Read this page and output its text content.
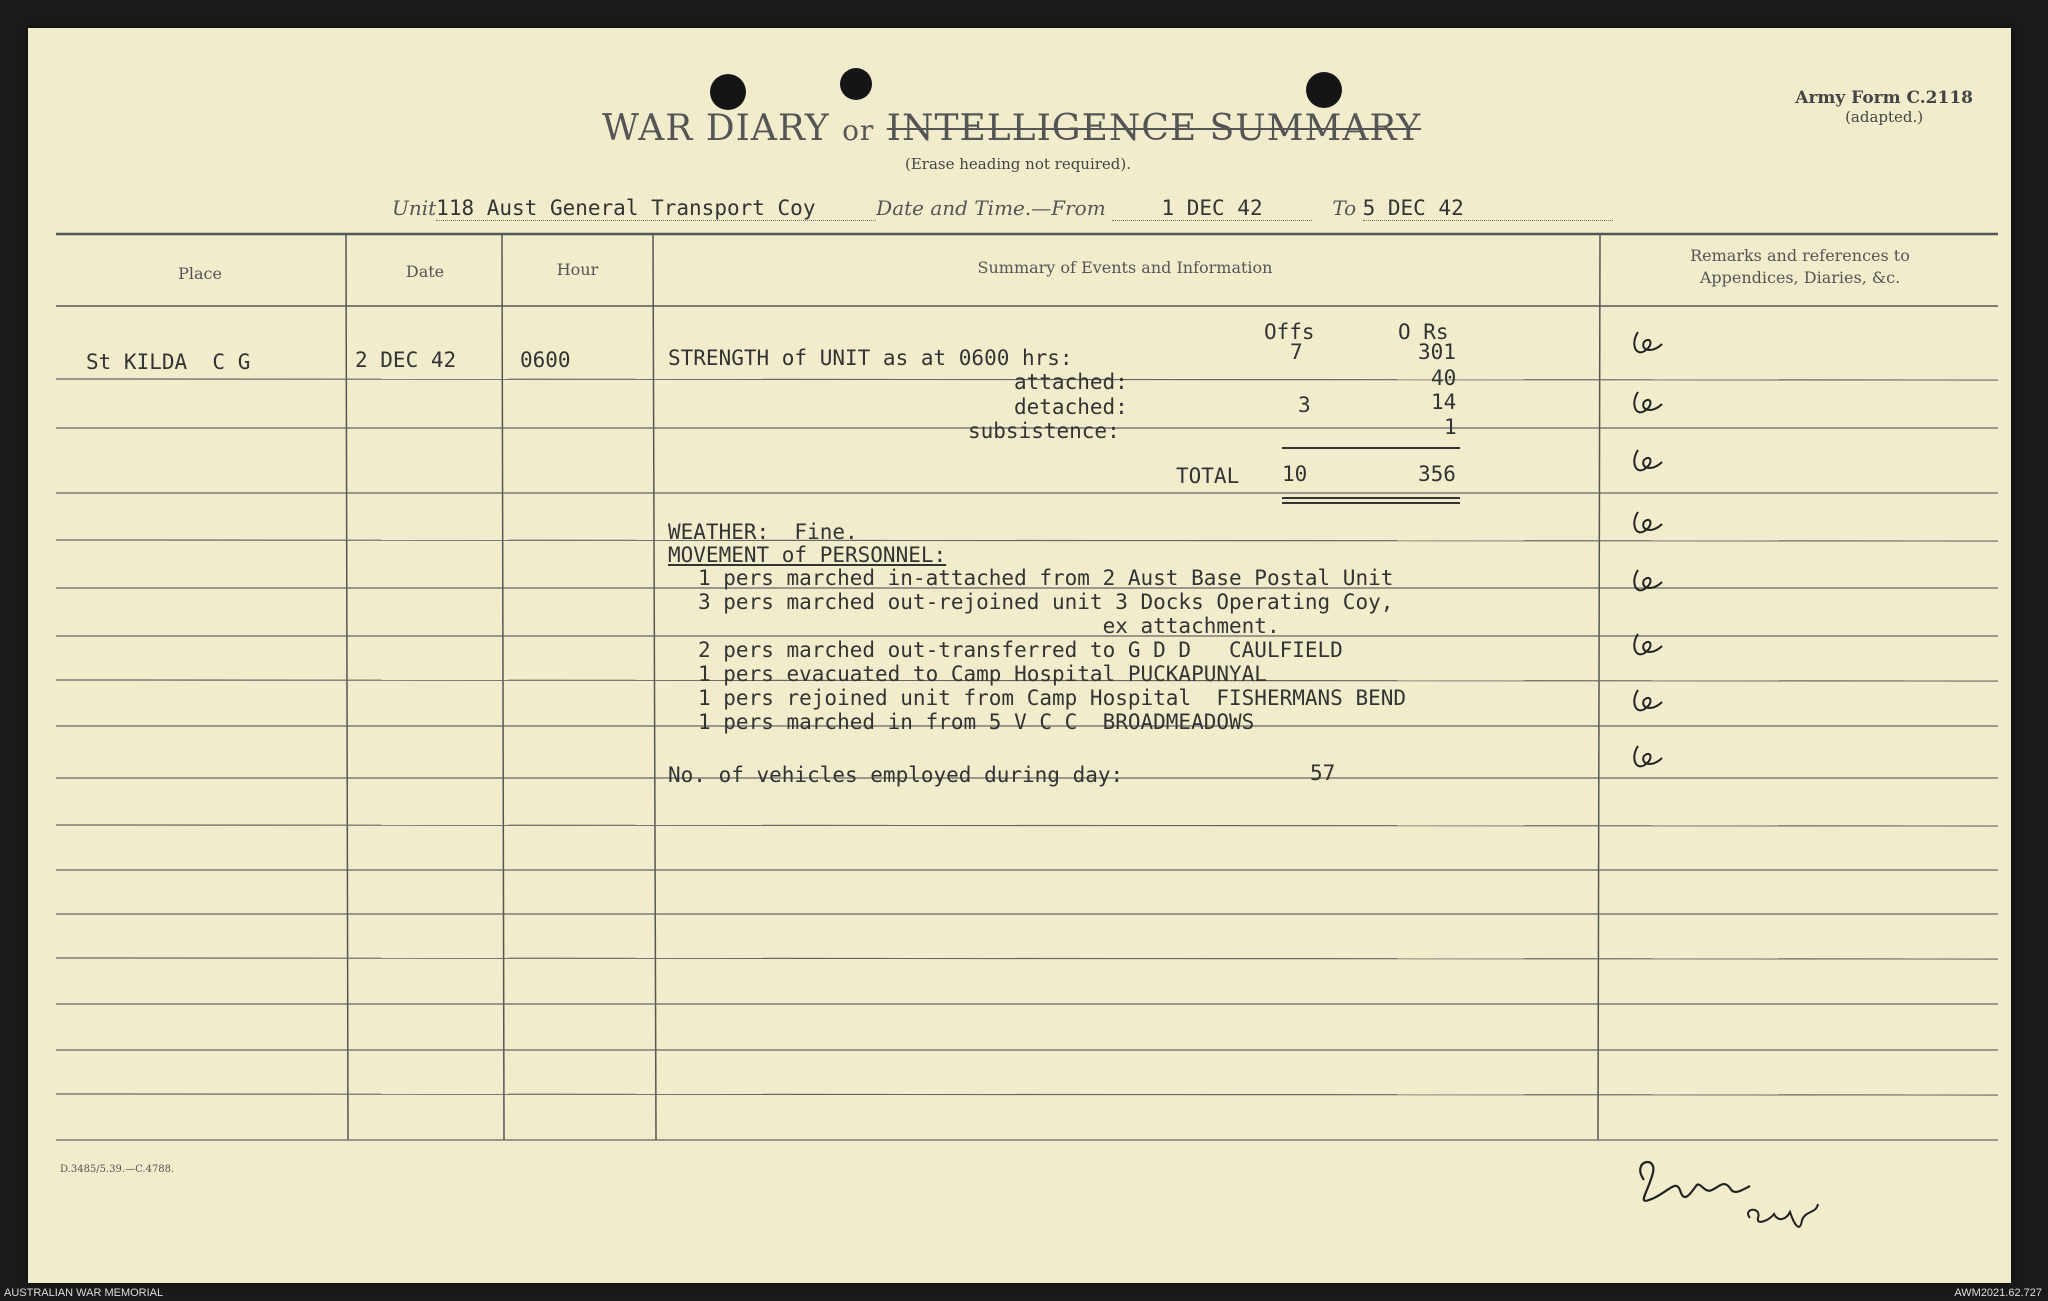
WAR DIARY or INTELLIGENCE SUMMARY
(Erase heading not required).
Army Form C.2118
(adapted.)
Unit118 Aust General Transport Coy	Date and Time.—From	1 DEC 42	To 5 DEC 42
Place	Date	Hour	Summary of Events and Information
Remarks and references to Appendices, Diaries, &c.
St KILDA  C G	2 DEC 42	0600
Offs	O Rs
STRENGTH of UNIT as at 0600 hrs:	7	301
attached:	40
detached:	3	14
subsistence:	1
TOTAL 10	356
WEATHER:  Fine.
MOVEMENT of PERSONNEL:
1 pers marched in-attached from 2 Aust Base Postal Unit
3 pers marched out-rejoined unit 3 Docks Operating Coy,
ex attachment.
2 pers marched out-transferred to G D D   CAULFIELD
1 pers evacuated to Camp Hospital PUCKAPUNYAL
1 pers rejoined unit from Camp Hospital  FISHERMANS BEND
1 pers marched in from 5 V C C  BROADMEADOWS
No. of vehicles employed during day:	57
D.3485/5.39.—C.4788.
AUSTRALIAN WAR MEMORIAL	AWM2021.62.727
